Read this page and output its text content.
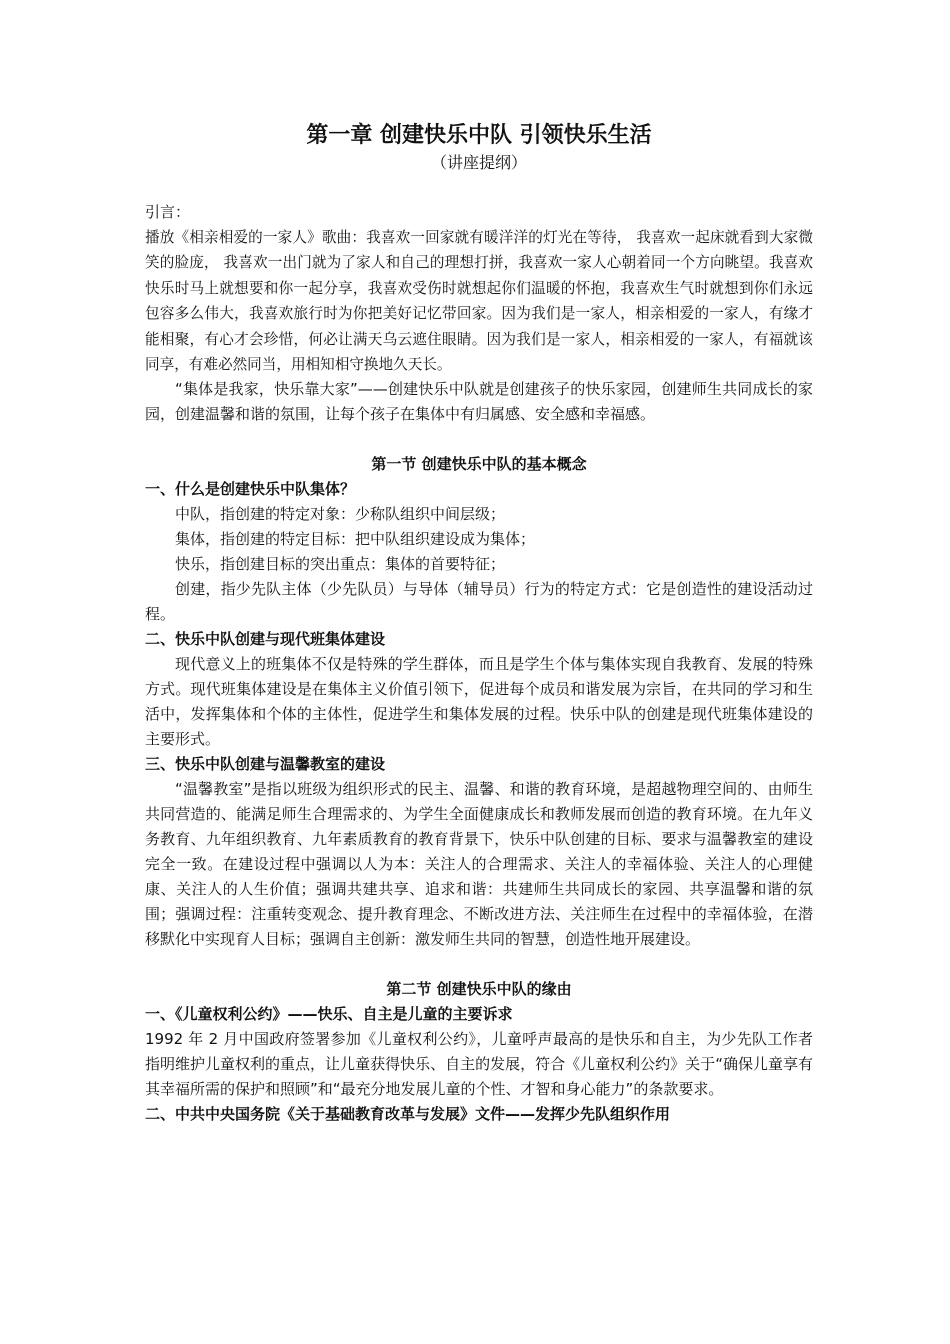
第一章 创建快乐中队 引领快乐生活
（讲座提纲）

引言：

播放《相亲相爱的一家人》歌曲：我喜欢一回家就有暖洋洋的灯光在等待， 我喜欢一起床就看到大家微笑的脸庞， 我喜欢一出门就为了家人和自己的理想打拼，我喜欢一家人心朝着同一个方向眺望。我喜欢快乐时马上就想要和你一起分享，我喜欢受伤时就想起你们温暖的怀抱，我喜欢生气时就想到你们永远包容多么伟大，我喜欢旅行时为你把美好记忆带回家。因为我们是一家人，相亲相爱的一家人，有缘才能相聚，有心才会珍惜，何必让满天乌云遮住眼睛。因为我们是一家人，相亲相爱的一家人，有福就该同享，有难必然同当，用相知相守换地久天长。

“集体是我家，快乐靠大家”——创建快乐中队就是创建孩子的快乐家园，创建师生共同成长的家园，创建温馨和谐的氛围，让每个孩子在集体中有归属感、安全感和幸福感。

第一节 创建快乐中队的基本概念
一、什么是创建快乐中队集体？

中队，指创建的特定对象：少称队组织中间层级；

集体，指创建的特定目标：把中队组织建设成为集体；

快乐，指创建目标的突出重点：集体的首要特征；

创建，指少先队主体（少先队员）与导体（辅导员）行为的特定方式：它是创造性的建设活动过程。

二、快乐中队创建与现代班集体建设

现代意义上的班集体不仅是特殊的学生群体，而且是学生个体与集体实现自我教育、发展的特殊方式。现代班集体建设是在集体主义价值引领下，促进每个成员和谐发展为宗旨，在共同的学习和生活中，发挥集体和个体的主体性，促进学生和集体发展的过程。快乐中队的创建是现代班集体建设的主要形式。

三、快乐中队创建与温馨教室的建设

“温馨教室”是指以班级为组织形式的民主、温馨、和谐的教育环境，是超越物理空间的、由师生共同营造的、能满足师生合理需求的、为学生全面健康成长和教师发展而创造的教育环境。在九年义务教育、九年组织教育、九年素质教育的教育背景下，快乐中队创建的目标、要求与温馨教室的建设完全一致。在建设过程中强调以人为本：关注人的合理需求、关注人的幸福体验、关注人的心理健康、关注人的人生价值；强调共建共享、追求和谐：共建师生共同成长的家园、共享温馨和谐的氛围；强调过程：注重转变观念、提升教育理念、不断改进方法、关注师生在过程中的幸福体验，在潜移默化中实现育人目标；强调自主创新：激发师生共同的智慧，创造性地开展建设。

第二节 创建快乐中队的缘由
一、《儿童权利公约》——快乐、自主是儿童的主要诉求

1992 年 2 月中国政府签署参加《儿童权利公约》，儿童呼声最高的是快乐和自主，为少先队工作者指明维护儿童权利的重点，让儿童获得快乐、自主的发展，符合《儿童权利公约》关于“确保儿童享有其幸福所需的保护和照顾”和“最充分地发展儿童的个性、才智和身心能力”的条款要求。

二、中共中央国务院《关于基础教育改革与发展》文件——发挥少先队组织作用
